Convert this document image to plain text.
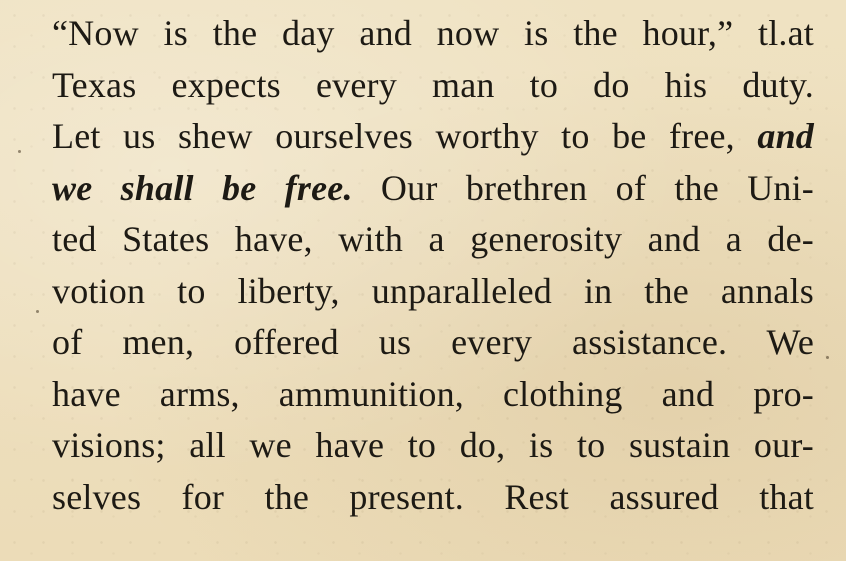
“Now is the day and now is the hour,” tl.at
Texas expects every man to do his duty.
Let us shew ourselves worthy to be free, and
we shall be free. Our brethren of the Uni-
ted States have, with a generosity and a de-
votion to liberty, unparalleled in the annals
of men, offered us every assistance. We
have arms, ammunition, clothing and pro-
visions; all we have to do, is to sustain our-
selves for the present. Rest assured that
